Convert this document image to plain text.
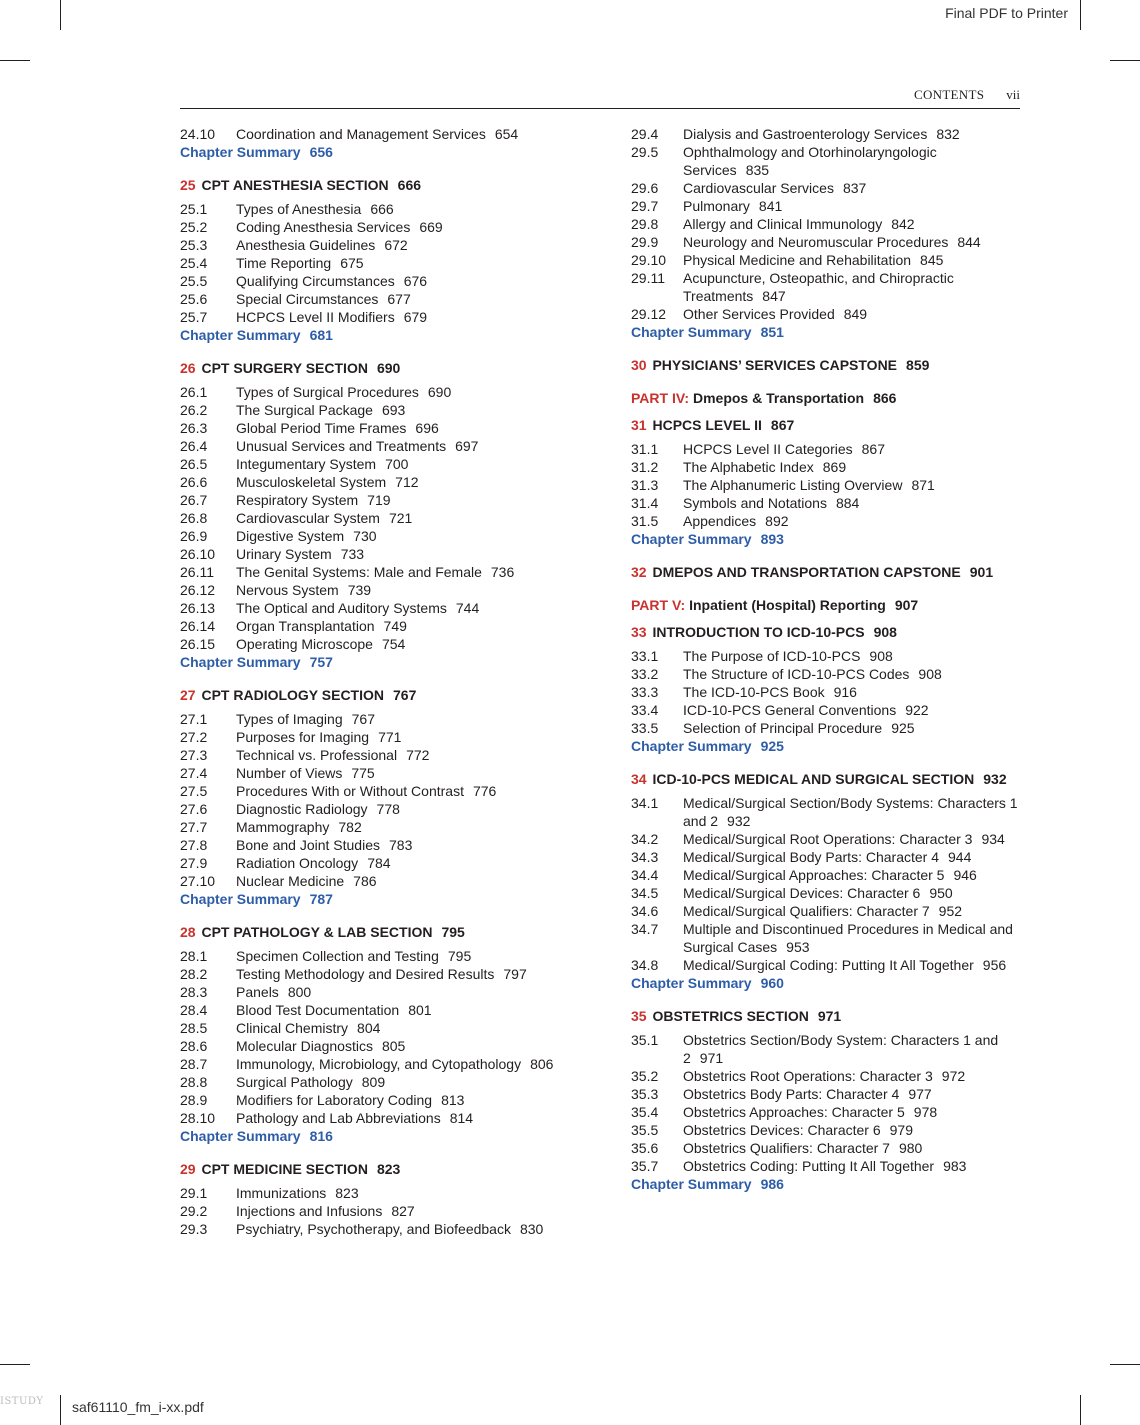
Final PDF to Printer
CONTENTS vii
24.10	Coordination and Management Services 654
Chapter Summary 656
25 CPT ANESTHESIA SECTION 666
25.1	Types of Anesthesia 666
25.2	Coding Anesthesia Services 669
25.3	Anesthesia Guidelines 672
25.4	Time Reporting 675
25.5	Qualifying Circumstances 676
25.6	Special Circumstances 677
25.7	HCPCS Level II Modifiers 679
Chapter Summary 681
26 CPT SURGERY SECTION 690
26.1	Types of Surgical Procedures 690
26.2	The Surgical Package 693
26.3	Global Period Time Frames 696
26.4	Unusual Services and Treatments 697
26.5	Integumentary System 700
26.6	Musculoskeletal System 712
26.7	Respiratory System 719
26.8	Cardiovascular System 721
26.9	Digestive System 730
26.10	Urinary System 733
26.11	The Genital Systems: Male and Female 736
26.12	Nervous System 739
26.13	The Optical and Auditory Systems 744
26.14	Organ Transplantation 749
26.15	Operating Microscope 754
Chapter Summary 757
27 CPT RADIOLOGY SECTION 767
27.1	Types of Imaging 767
27.2	Purposes for Imaging 771
27.3	Technical vs. Professional 772
27.4	Number of Views 775
27.5	Procedures With or Without Contrast 776
27.6	Diagnostic Radiology 778
27.7	Mammography 782
27.8	Bone and Joint Studies 783
27.9	Radiation Oncology 784
27.10	Nuclear Medicine 786
Chapter Summary 787
28 CPT PATHOLOGY & LAB SECTION 795
28.1	Specimen Collection and Testing 795
28.2	Testing Methodology and Desired Results 797
28.3	Panels 800
28.4	Blood Test Documentation 801
28.5	Clinical Chemistry 804
28.6	Molecular Diagnostics 805
28.7	Immunology, Microbiology, and Cytopathology 806
28.8	Surgical Pathology 809
28.9	Modifiers for Laboratory Coding 813
28.10	Pathology and Lab Abbreviations 814
Chapter Summary 816
29 CPT MEDICINE SECTION 823
29.1	Immunizations 823
29.2	Injections and Infusions 827
29.3	Psychiatry, Psychotherapy, and Biofeedback 830
29.4	Dialysis and Gastroenterology Services 832
29.5	Ophthalmology and Otorhinolaryngologic Services 835
29.6	Cardiovascular Services 837
29.7	Pulmonary 841
29.8	Allergy and Clinical Immunology 842
29.9	Neurology and Neuromuscular Procedures 844
29.10	Physical Medicine and Rehabilitation 845
29.11	Acupuncture, Osteopathic, and Chiropractic Treatments 847
29.12	Other Services Provided 849
Chapter Summary 851
30 PHYSICIANS’ SERVICES CAPSTONE 859
PART IV: Dmepos & Transportation 866
31 HCPCS LEVEL II 867
31.1	HCPCS Level II Categories 867
31.2	The Alphabetic Index 869
31.3	The Alphanumeric Listing Overview 871
31.4	Symbols and Notations 884
31.5	Appendices 892
Chapter Summary 893
32 DMEPOS AND TRANSPORTATION CAPSTONE 901
PART V: Inpatient (Hospital) Reporting 907
33 INTRODUCTION TO ICD-10-PCS 908
33.1	The Purpose of ICD-10-PCS 908
33.2	The Structure of ICD-10-PCS Codes 908
33.3	The ICD-10-PCS Book 916
33.4	ICD-10-PCS General Conventions 922
33.5	Selection of Principal Procedure 925
Chapter Summary 925
34 ICD-10-PCS MEDICAL AND SURGICAL SECTION 932
34.1	Medical/Surgical Section/Body Systems: Characters 1 and 2 932
34.2	Medical/Surgical Root Operations: Character 3 934
34.3	Medical/Surgical Body Parts: Character 4 944
34.4	Medical/Surgical Approaches: Character 5 946
34.5	Medical/Surgical Devices: Character 6 950
34.6	Medical/Surgical Qualifiers: Character 7 952
34.7	Multiple and Discontinued Procedures in Medical and Surgical Cases 953
34.8	Medical/Surgical Coding: Putting It All Together 956
Chapter Summary 960
35 OBSTETRICS SECTION 971
35.1	Obstetrics Section/Body System: Characters 1 and 2 971
35.2	Obstetrics Root Operations: Character 3 972
35.3	Obstetrics Body Parts: Character 4 977
35.4	Obstetrics Approaches: Character 5 978
35.5	Obstetrics Devices: Character 6 979
35.6	Obstetrics Qualifiers: Character 7 980
35.7	Obstetrics Coding: Putting It All Together 983
Chapter Summary 986
ISTUDY saf61110_fm_i-xx.pdf
